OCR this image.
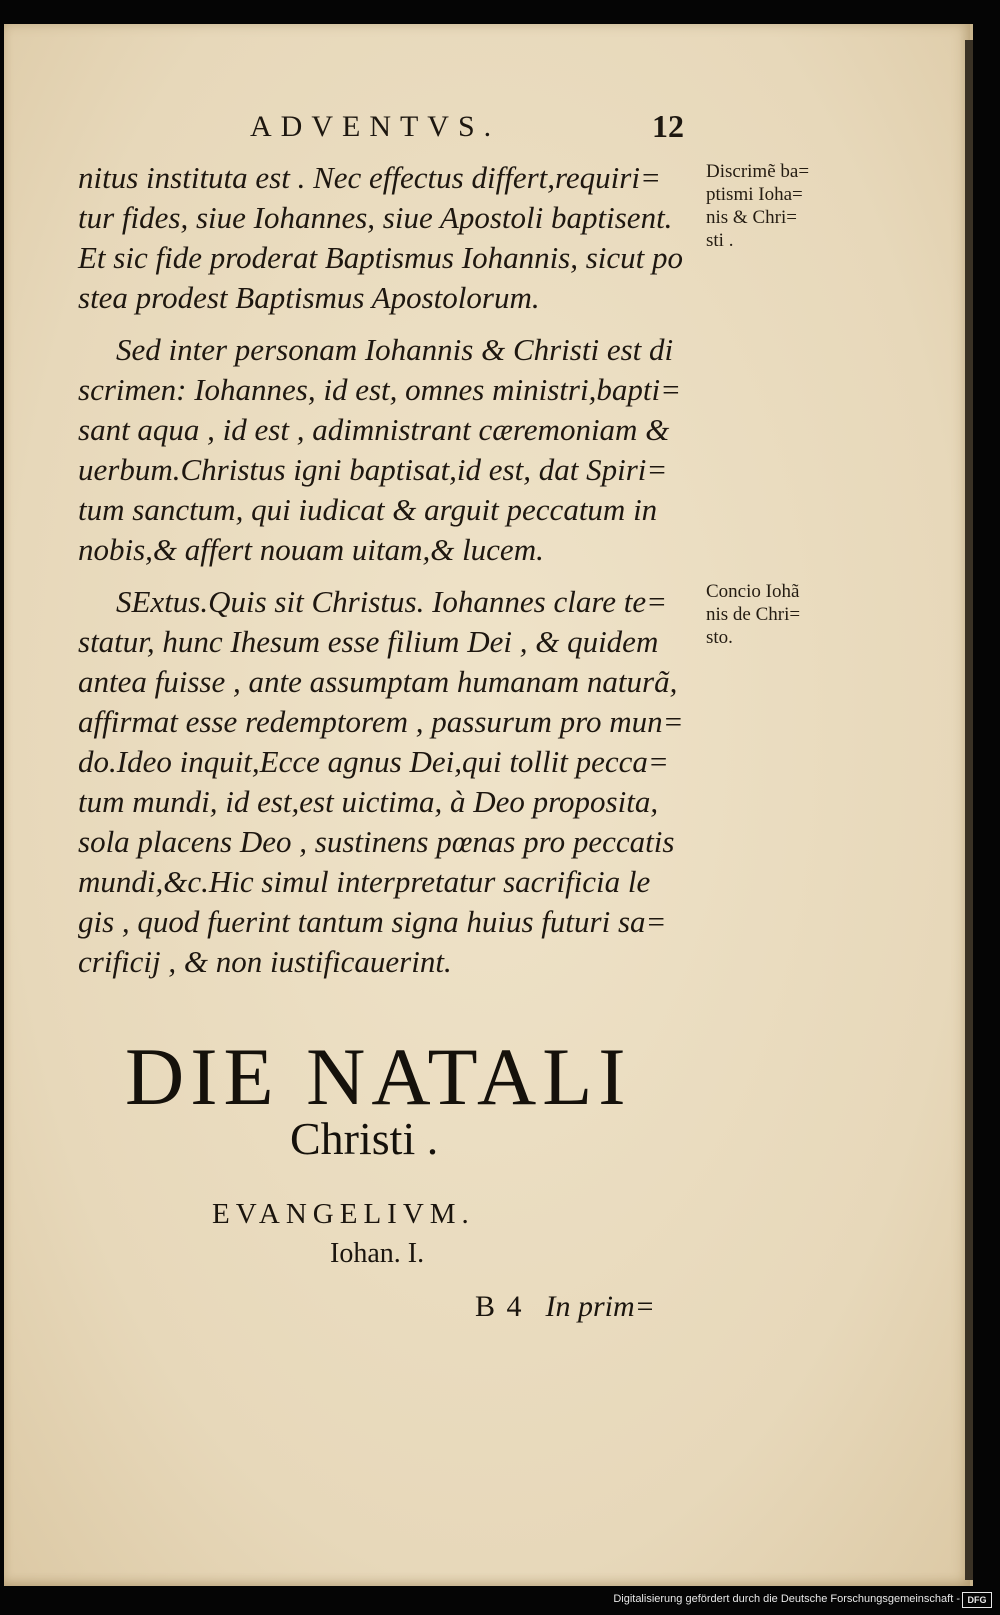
ADVENTVS.	12
nitus instituta est . Nec effectus differt,requiri=
tur fides, siue Iohannes, siue Apostoli baptisent.
Et sic fide proderat Baptismus Iohannis, sicut po
stea prodest Baptismus Apostolorum.
Sed inter personam Iohannis & Christi est di
scrimen: Iohannes, id est, omnes ministri,bapti=
sant aqua , id est , adimnistrant cæremoniam &
uerbum.Christus igni baptisat,id est, dat Spiri=
tum sanctum, qui iudicat & arguit peccatum in
nobis,& affert nouam uitam,& lucem.
SExtus.Quis sit Christus. Iohannes clare te=
statur, hunc Ihesum esse filium Dei , & quidem
antea fuisse , ante assumptam humanam naturã,
affirmat esse redemptorem , passurum pro mun=
do.Ideo inquit,Ecce agnus Dei,qui tollit pecca=
tum mundi, id est,est uictima, à Deo proposita,
sola placens Deo , sustinens pœnas pro peccatis
mundi,&c.Hic simul interpretatur sacrificia le
gis , quod fuerint tantum signa huius futuri sa=
crificij , & non iustificauerint.
Discrimẽ ba=
ptismi Ioha=
nis & Chri=
sti .
Concio Iohã
nis de Chri=
sto.
DIE NATALI
Christi .
EVANGELIVM.
Iohan. I.
B 4 In prim=
Digitalisierung gefördert durch die Deutsche Forschungsgemeinschaft - DFG
